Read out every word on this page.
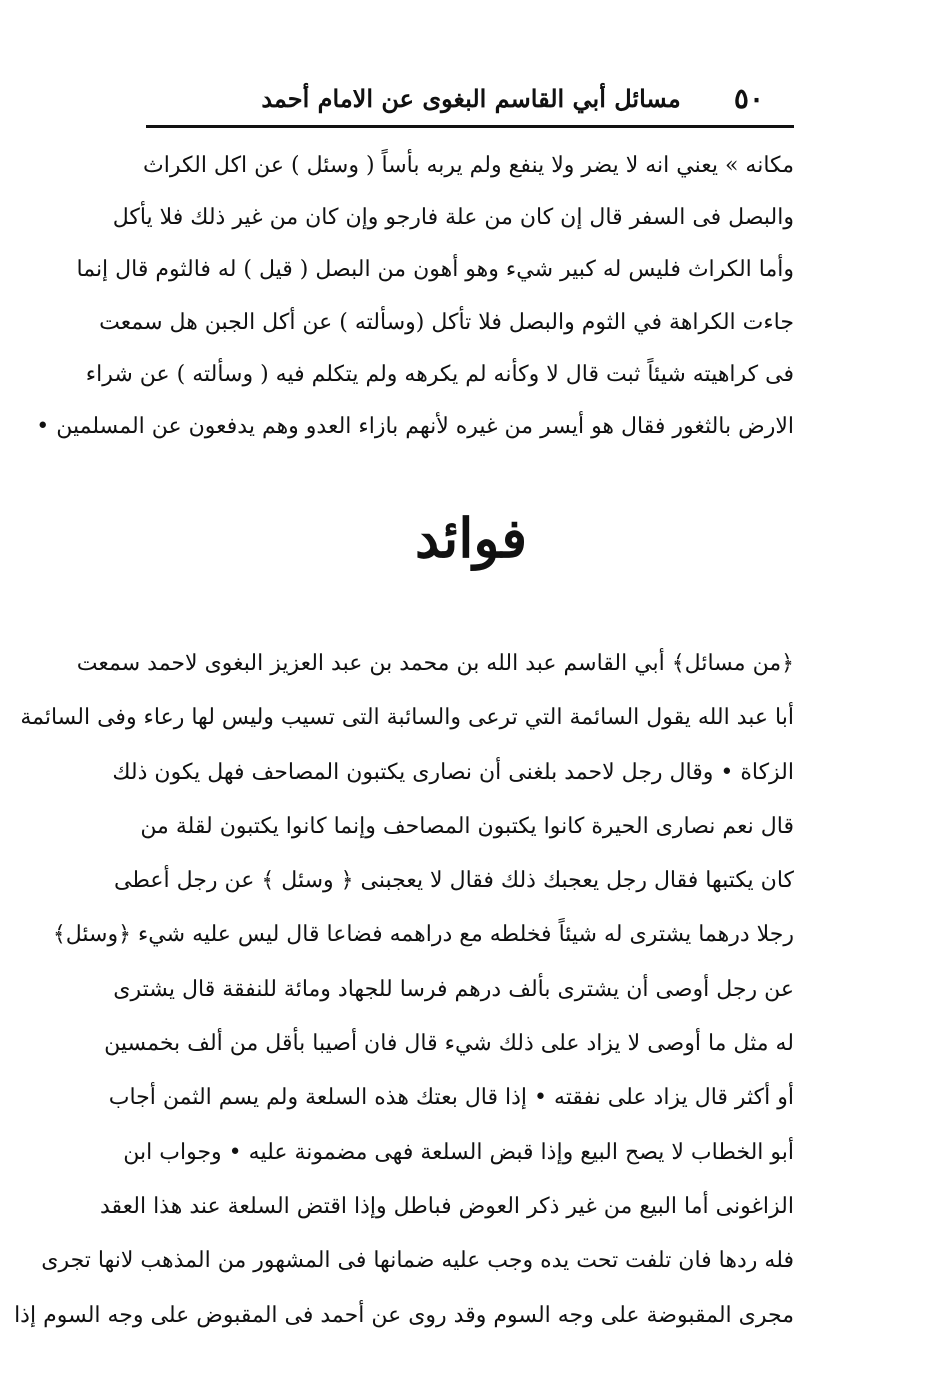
٥٠
مسائل أبي القاسم البغوى عن الامام أحمد
مكانه » يعني انه لا يضر ولا ينفع ولم يربه بأساً ( وسئل ) عن اكل الكراث
والبصل فى السفر قال إن كان من علة فارجو وإن كان من غير ذلك فلا يأكل
وأما الكراث فليس له كبير شيء وهو أهون من البصل ( قيل ) له فالثوم قال إنما
جاءت الكراهة في الثوم والبصل فلا تأكل (وسألته ) عن أكل الجبن هل سمعت
فى كراهيته شيئاً ثبت قال لا وكأنه لم يكرهه ولم يتكلم فيه ( وسألته ) عن شراء
الارض بالثغور فقال هو أيسر من غيره لأنهم بازاء العدو وهم يدفعون عن المسلمين •
فوائد
﴿من مسائل﴾ أبي القاسم عبد الله بن محمد بن عبد العزيز البغوى لاحمد سمعت
أبا عبد الله يقول السائمة التي ترعى والسائبة التى تسيب وليس لها رعاء وفى السائمة
الزكاة • وقال رجل لاحمد بلغنى أن نصارى يكتبون المصاحف فهل يكون ذلك
قال نعم نصارى الحيرة كانوا يكتبون المصاحف وإنما كانوا يكتبون لقلة من
كان يكتبها فقال رجل يعجبك ذلك فقال لا يعجبنى ﴿ وسئل ﴾ عن رجل أعطى
رجلا درهما يشترى له شيئاً فخلطه مع دراهمه فضاعا قال ليس عليه شيء ﴿وسئل﴾
عن رجل أوصى أن يشترى بألف درهم فرسا للجهاد ومائة للنفقة قال يشترى
له مثل ما أوصى لا يزاد على ذلك شيء قال فان أصيبا بأقل من ألف بخمسين
أو أكثر قال يزاد على نفقته • إذا قال بعتك هذه السلعة ولم يسم الثمن أجاب
أبو الخطاب لا يصح البيع وإذا قبض السلعة فهى مضمونة عليه • وجواب ابن
الزاغونى أما البيع من غير ذكر العوض فباطل وإذا اقتض السلعة عند هذا العقد
فله ردها فان تلفت تحت يده وجب عليه ضمانها فى المشهور من المذهب لانها تجرى
مجرى المقبوضة على وجه السوم وقد روى عن أحمد فى المقبوض على وجه السوم إذا
